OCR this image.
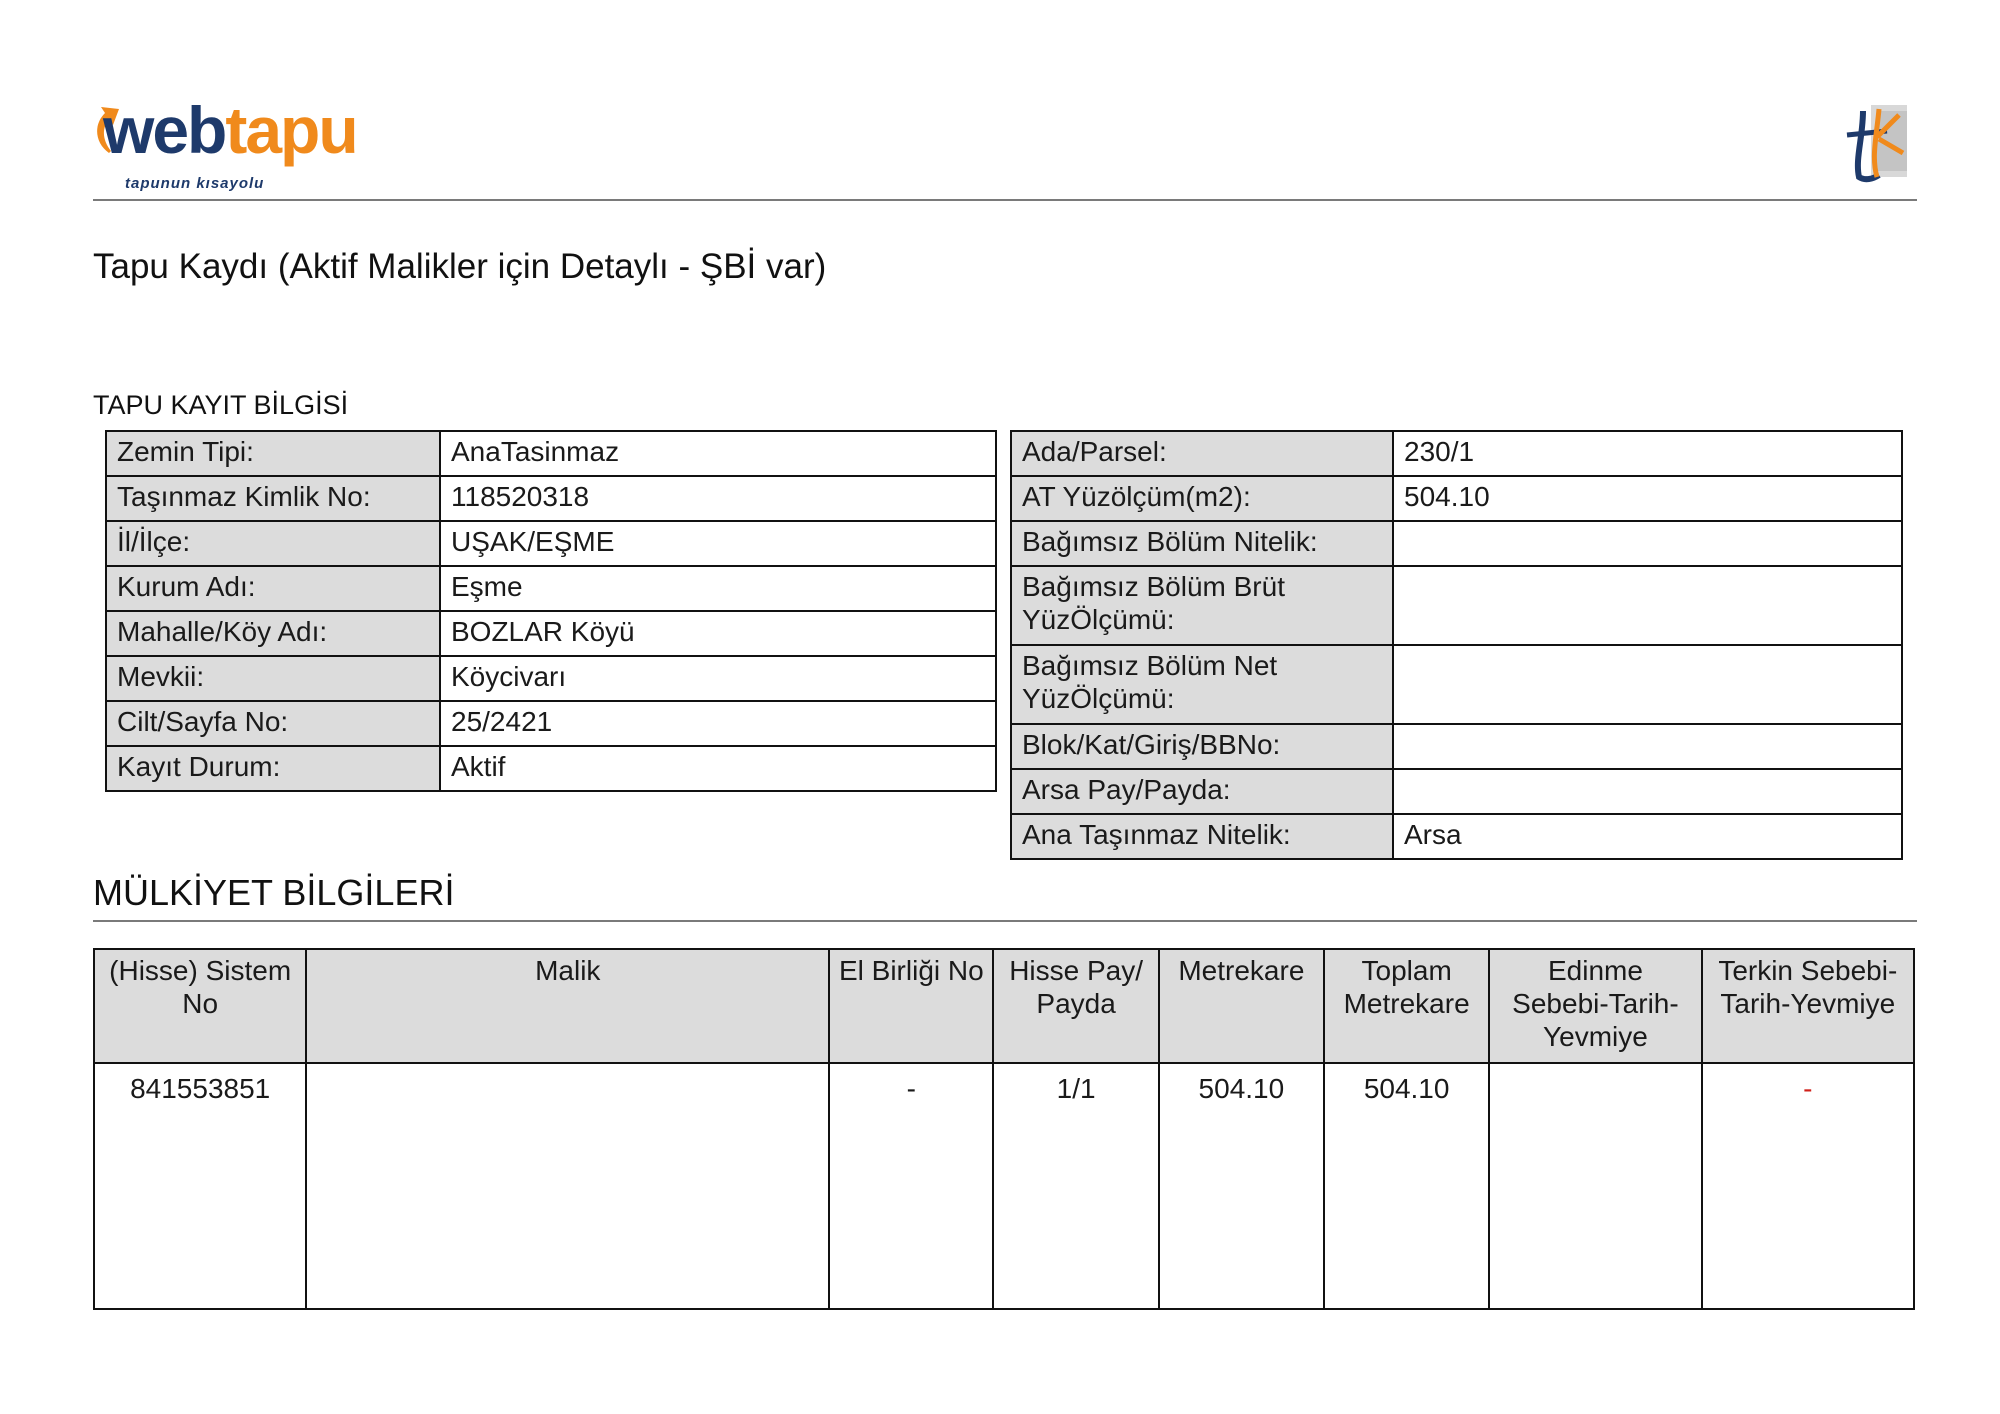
webtapu
tapunun kısayolu
Tapu Kaydı (Aktif Malikler için Detaylı - ŞBİ var)
TAPU KAYIT BİLGİSİ
Zemin Tipi:	AnaTasinmaz
Taşınmaz Kimlik No:	118520318
İl/İlçe:	UŞAK/EŞME
Kurum Adı:	Eşme
Mahalle/Köy Adı:	BOZLAR Köyü
Mevkii:	Köycivarı
Cilt/Sayfa No:	25/2421
Kayıt Durum:	Aktif
Ada/Parsel:	230/1
AT Yüzölçüm(m2):	504.10
Bağımsız Bölüm Nitelik:	
Bağımsız Bölüm Brüt YüzÖlçümü:	
Bağımsız Bölüm Net YüzÖlçümü:	
Blok/Kat/Giriş/BBNo:	
Arsa Pay/Payda:	
Ana Taşınmaz Nitelik:	Arsa
MÜLKİYET BİLGİLERİ
(Hisse) Sistem No	Malik	El Birliği No	Hisse Pay/ Payda	Metrekare	Toplam Metrekare	Edinme Sebebi-Tarih-Yevmiye	Terkin Sebebi-Tarih-Yevmiye
841553851		-	1/1	504.10	504.10		-
